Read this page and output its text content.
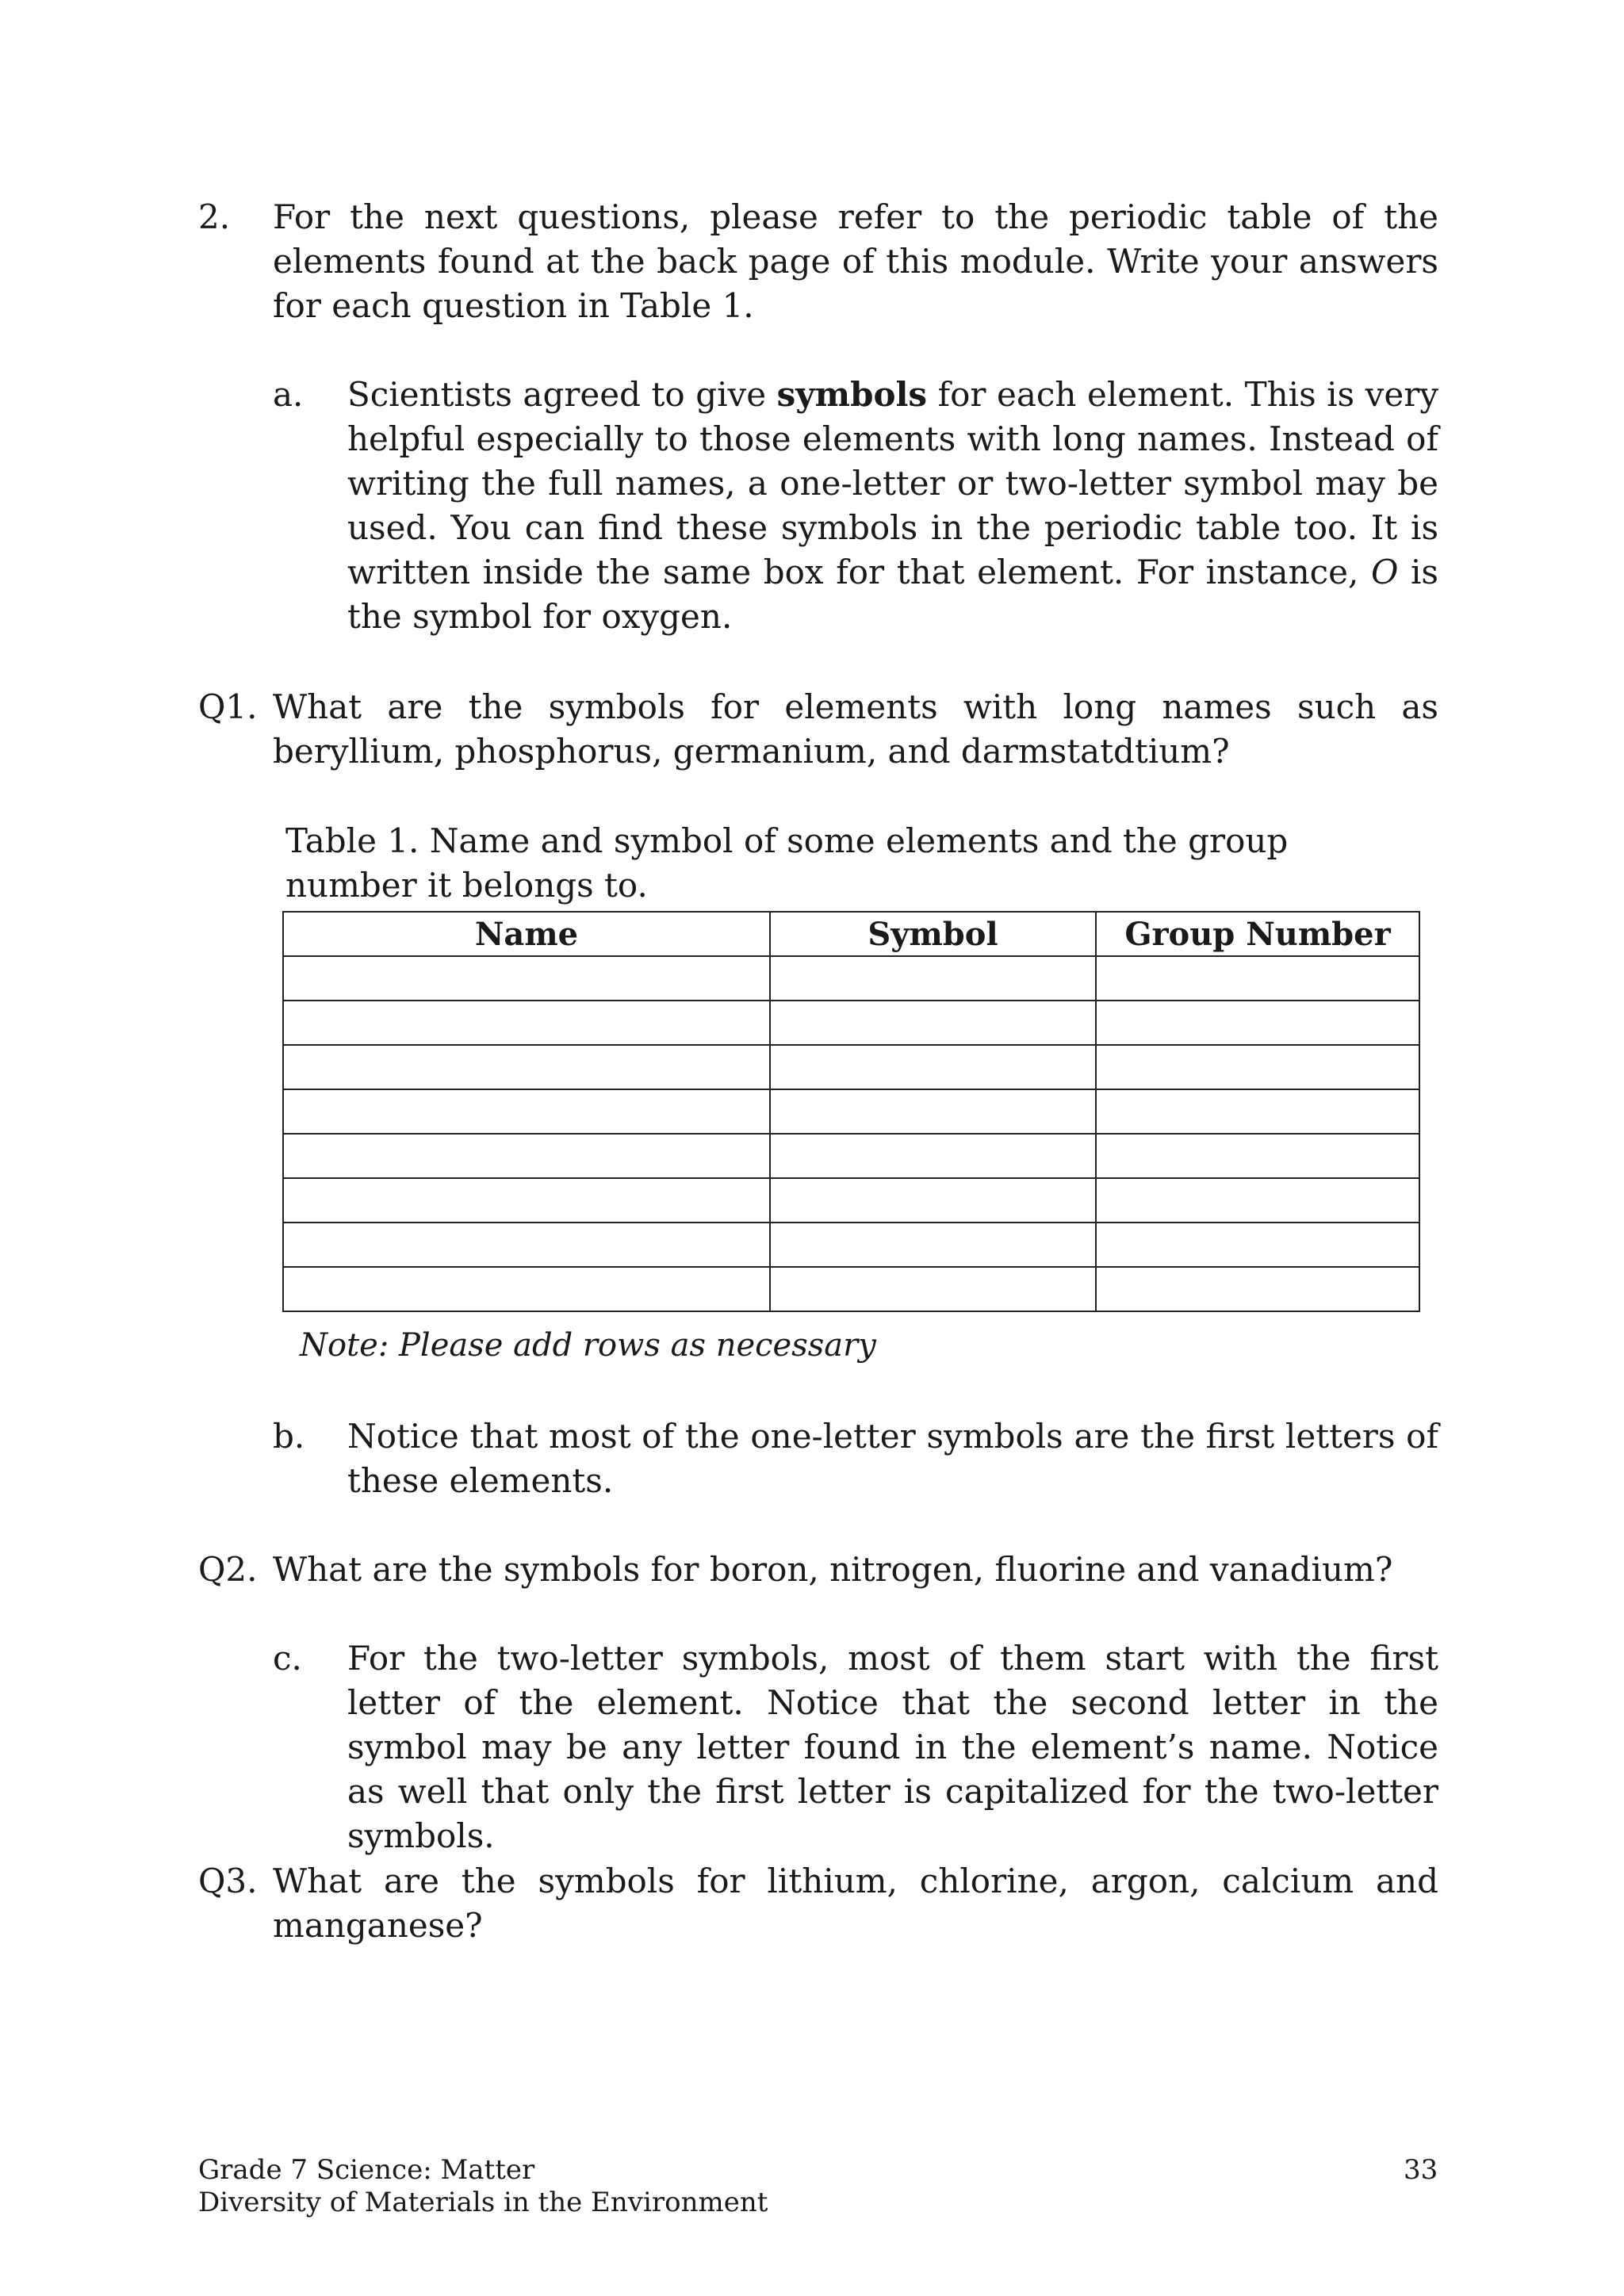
2. For the next questions, please refer to the periodic table of the elements found at the back page of this module. Write your answers for each question in Table 1.
a. Scientists agreed to give symbols for each element. This is very helpful especially to those elements with long names. Instead of writing the full names, a one-letter or two-letter symbol may be used. You can find these symbols in the periodic table too. It is written inside the same box for that element. For instance, O is the symbol for oxygen.
Q1. What are the symbols for elements with long names such as beryllium, phosphorus, germanium, and darmstatdtium?
Table 1. Name and symbol of some elements and the group number it belongs to.
Name	Symbol	Group Number

Note: Please add rows as necessary
b. Notice that most of the one-letter symbols are the first letters of these elements.
Q2. What are the symbols for boron, nitrogen, fluorine and vanadium?
c. For the two-letter symbols, most of them start with the first letter of the element. Notice that the second letter in the symbol may be any letter found in the element’s name. Notice as well that only the first letter is capitalized for the two-letter symbols.
Q3. What are the symbols for lithium, chlorine, argon, calcium and manganese?
Grade 7 Science: Matter
Diversity of Materials in the Environment
33
